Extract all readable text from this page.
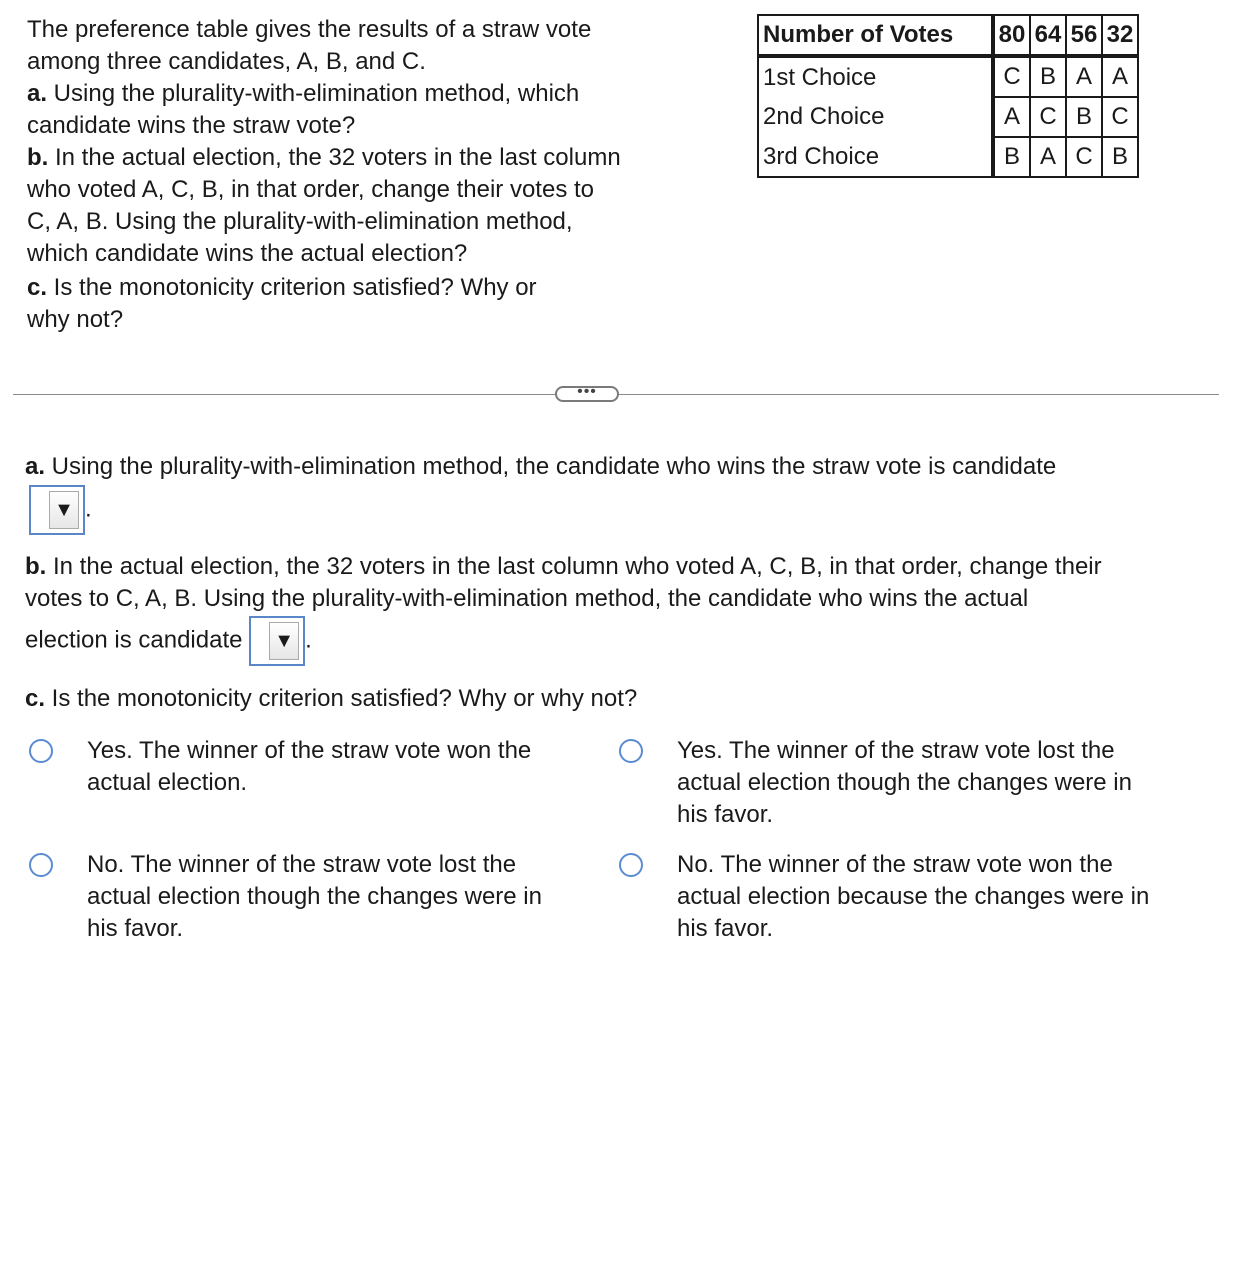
The preference table gives the results of a straw vote

among three candidates, A, B, and C.

a. Using the plurality-with-elimination method, which

candidate wins the straw vote?

b. In the actual election, the 32 voters in the last column

who voted A, C, B, in that order, change their votes to

C, A, B. Using the plurality-with-elimination method,

which candidate wins the actual election?

c. Is the monotonicity criterion satisfied? Why or

why not?

Number of Votes	80	64	56	32
1st Choice	C	B	A	A
2nd Choice	A	C	B	C
3rd Choice	B	A	C	B
•••
a. Using the plurality-with-elimination method, the candidate who wins the straw vote is candidate
▼ .
b. In the actual election, the 32 voters in the last column who voted A, C, B, in that order, change their
votes to C, A, B. Using the plurality-with-elimination method, the candidate who wins the actual
election is candidate ▼ .
c. Is the monotonicity criterion satisfied? Why or why not?
Yes. The winner of the straw vote won the
actual election.
Yes. The winner of the straw vote lost the
actual election though the changes were in
his favor.
No. The winner of the straw vote lost the
actual election though the changes were in
his favor.
No. The winner of the straw vote won the
actual election because the changes were in
his favor.
